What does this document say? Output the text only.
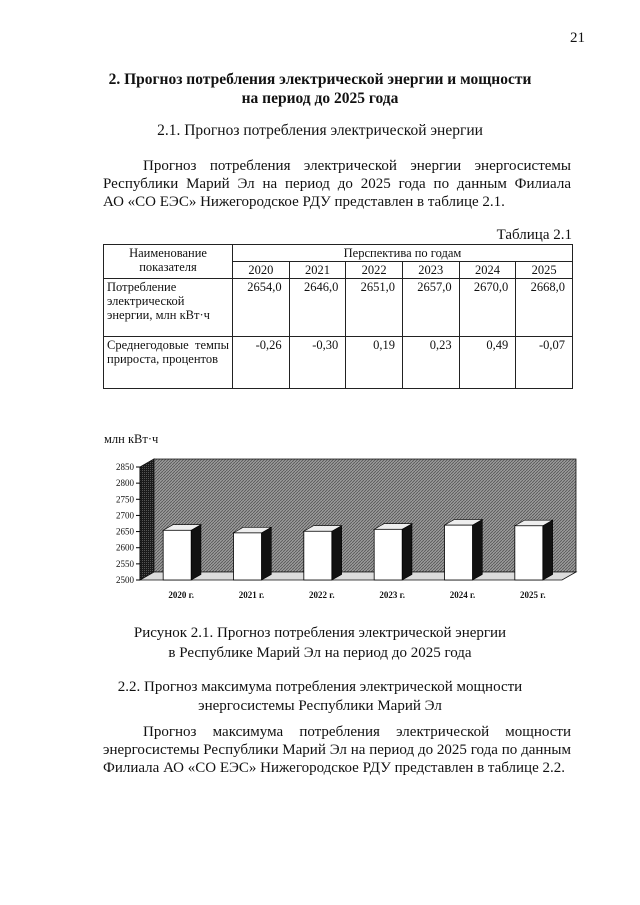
21
2. Прогноз потребления электрической энергии и мощности
на период до 2025 года
2.1. Прогноз потребления электрической энергии
Прогноз потребления электрической энергии энергосистемы
Республики Марий Эл на период до 2025 года по данным Филиала
АО «СО ЕЭС» Нижегородское РДУ представлен в таблице 2.1.
Таблица 2.1
Наименование показателя	Перспектива по годам					
	2020	2021	2022	2023	2024	2025
Потребление электрической энергии, млн кВт·ч	2654,0	2646,0	2651,0	2657,0	2670,0	2668,0
Среднегодовые темпы прироста, процентов	-0,26	-0,30	0,19	0,23	0,49	-0,07
млн кВт·ч
2850
2800
2750
2700
2650
2600
2550
2500
2020 г.	2021 г.	2022 г.	2023 г.	2024 г.	2025 г.
Рисунок 2.1. Прогноз потребления электрической энергии
в Республике Марий Эл на период до 2025 года
2.2. Прогноз максимума потребления электрической мощности
энергосистемы Республики Марий Эл
Прогноз максимума потребления электрической мощности
энергосистемы Республики Марий Эл на период до 2025 года по данным
Филиала АО «СО ЕЭС» Нижегородское РДУ представлен в таблице 2.2.
